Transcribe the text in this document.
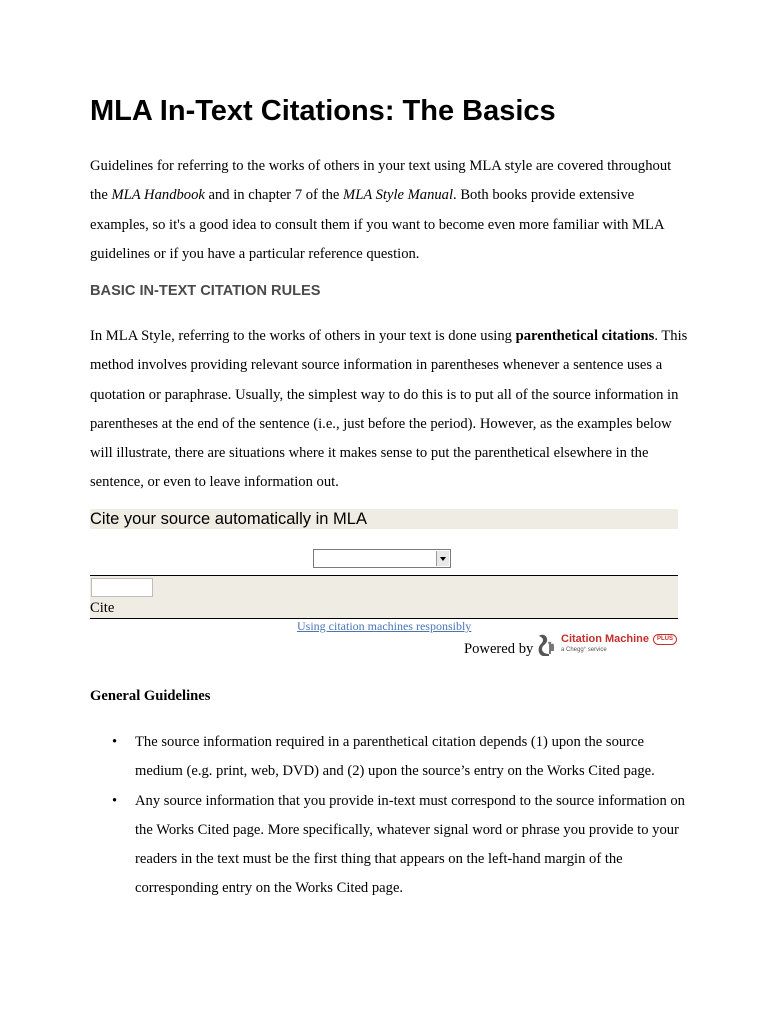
MLA In-Text Citations: The Basics

Guidelines for referring to the works of others in your text using MLA style are covered throughout the MLA Handbook and in chapter 7 of the MLA Style Manual. Both books provide extensive examples, so it's a good idea to consult them if you want to become even more familiar with MLA guidelines or if you have a particular reference question.

BASIC IN-TEXT CITATION RULES

In MLA Style, referring to the works of others in your text is done using parenthetical citations. This method involves providing relevant source information in parentheses whenever a sentence uses a quotation or paraphrase. Usually, the simplest way to do this is to put all of the source information in parentheses at the end of the sentence (i.e., just before the period). However, as the examples below will illustrate, there are situations where it makes sense to put the parenthetical elsewhere in the sentence, or even to leave information out.

Cite your source automatically in MLA
Cite
Using citation machines responsibly
Powered by
Citation Machine	PLUS
a Chegg° service
General Guidelines
• The source information required in a parenthetical citation depends (1) upon the source medium (e.g. print, web, DVD) and (2) upon the source’s entry on the Works Cited page.
• Any source information that you provide in-text must correspond to the source information on the Works Cited page. More specifically, whatever signal word or phrase you provide to your readers in the text must be the first thing that appears on the left-hand margin of the corresponding entry on the Works Cited page.
